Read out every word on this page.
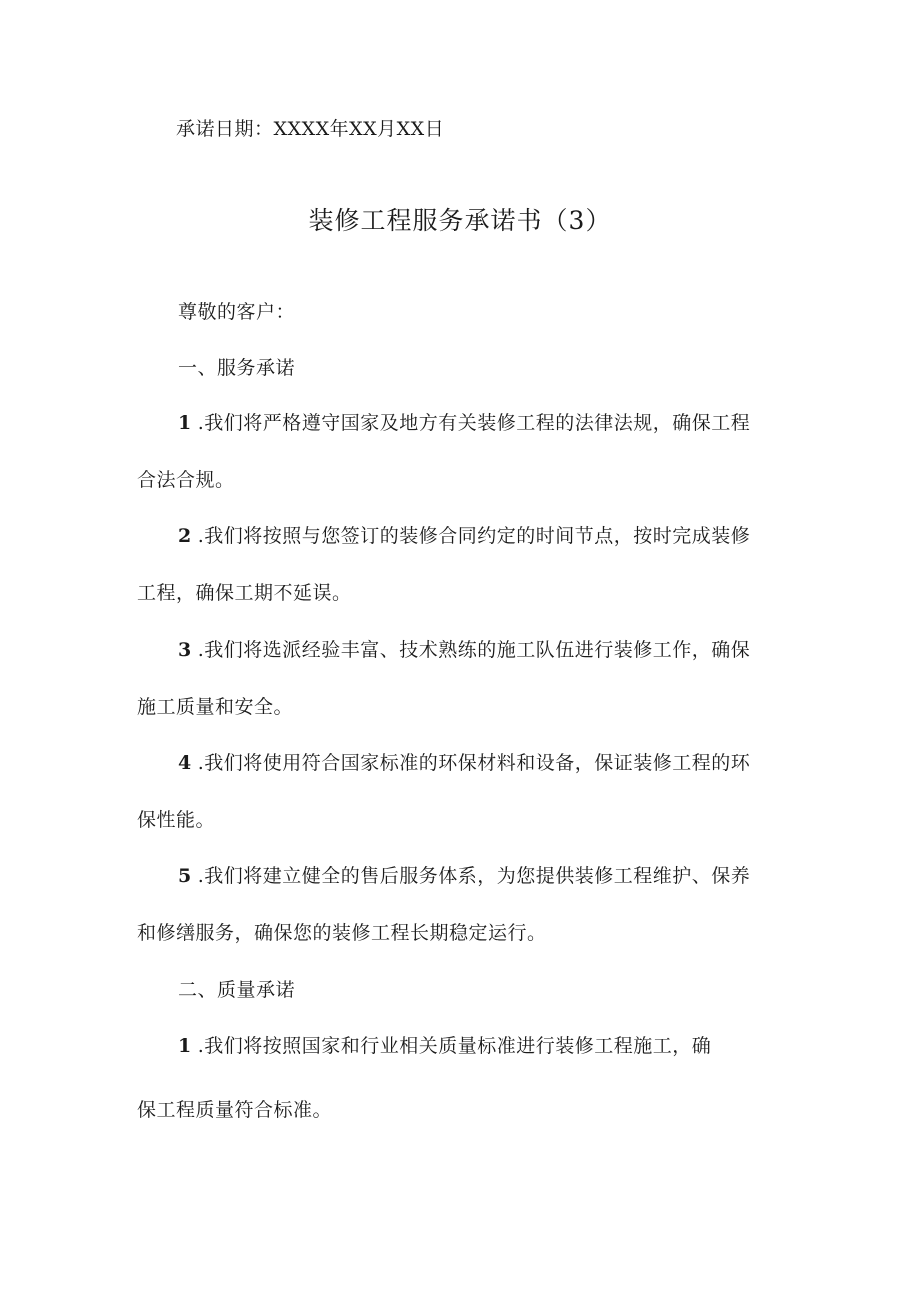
承诺日期：XXXX年XX月XX日
装修工程服务承诺书（3）
尊敬的客户：
一、服务承诺
1 .我们将严格遵守国家及地方有关装修工程的法律法规，确保工程
合法合规。
2 .我们将按照与您签订的装修合同约定的时间节点，按时完成装修
工程，确保工期不延误。
3 .我们将选派经验丰富、技术熟练的施工队伍进行装修工作，确保
施工质量和安全。
4 .我们将使用符合国家标准的环保材料和设备，保证装修工程的环
保性能。
5 .我们将建立健全的售后服务体系，为您提供装修工程维护、保养
和修缮服务，确保您的装修工程长期稳定运行。
二、质量承诺
1 .我们将按照国家和行业相关质量标准进行装修工程施工，确
保工程质量符合标准。
